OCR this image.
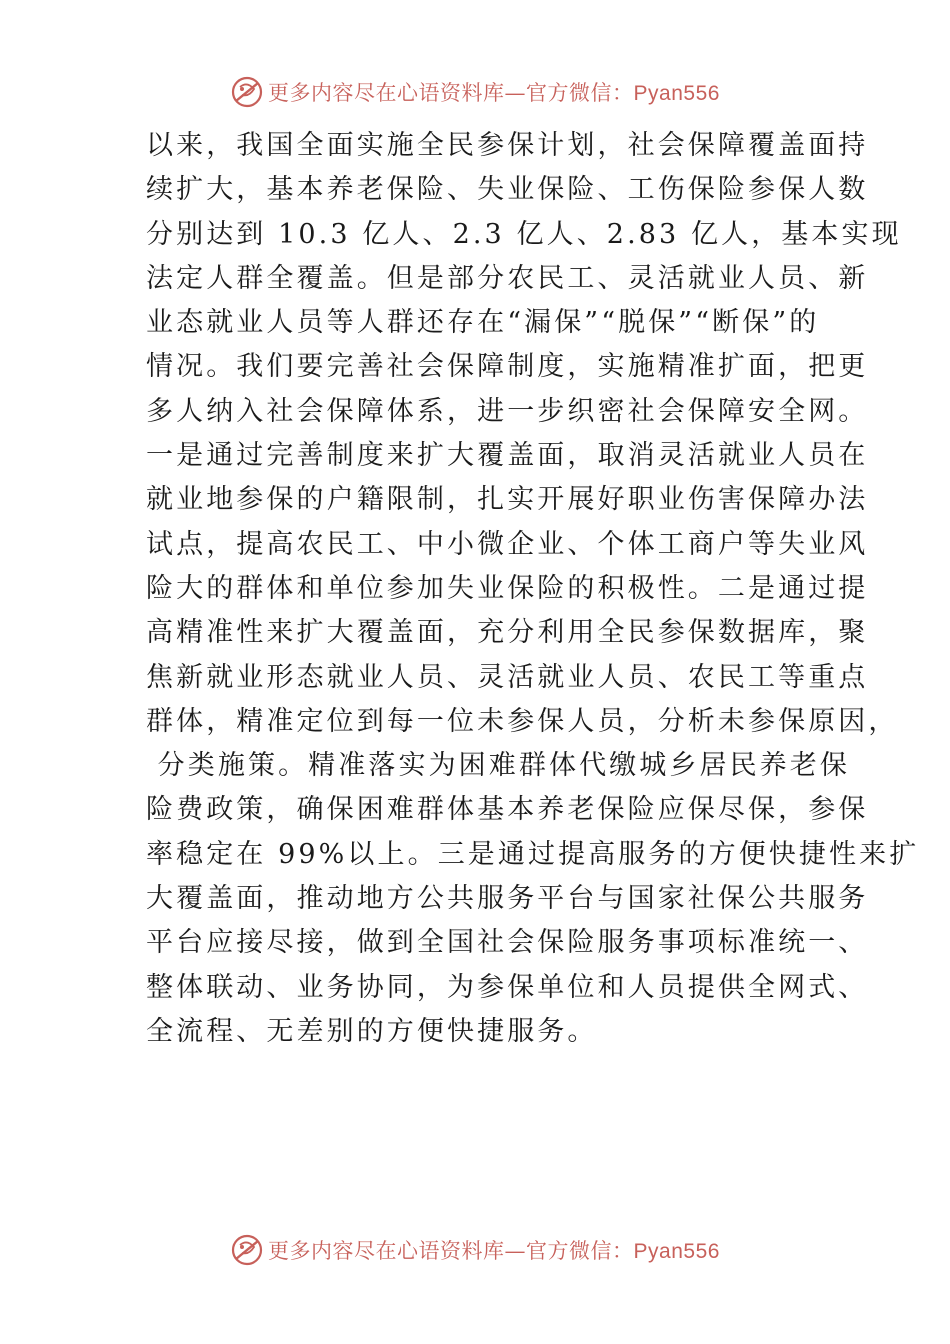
更多内容尽在心语资料库—官方微信：Pyan556
以来，我国全面实施全民参保计划，社会保障覆盖面持
续扩大，基本养老保险、失业保险、工伤保险参保人数
分别达到 10.3 亿人、2.3 亿人、2.83 亿人，基本实现
法定人群全覆盖。但是部分农民工、灵活就业人员、新
业态就业人员等人群还存在“漏保”“脱保”“断保”的
情况。我们要完善社会保障制度，实施精准扩面，把更
多人纳入社会保障体系，进一步织密社会保障安全网。
一是通过完善制度来扩大覆盖面，取消灵活就业人员在
就业地参保的户籍限制，扎实开展好职业伤害保障办法
试点，提高农民工、中小微企业、个体工商户等失业风
险大的群体和单位参加失业保险的积极性。二是通过提
高精准性来扩大覆盖面，充分利用全民参保数据库，聚
焦新就业形态就业人员、灵活就业人员、农民工等重点
群体，精准定位到每一位未参保人员，分析未参保原因，
分类施策。精准落实为困难群体代缴城乡居民养老保
险费政策，确保困难群体基本养老保险应保尽保，参保
率稳定在 99%以上。三是通过提高服务的方便快捷性来扩
大覆盖面，推动地方公共服务平台与国家社保公共服务
平台应接尽接，做到全国社会保险服务事项标准统一、
整体联动、业务协同，为参保单位和人员提供全网式、
全流程、无差别的方便快捷服务。
更多内容尽在心语资料库—官方微信：Pyan556
